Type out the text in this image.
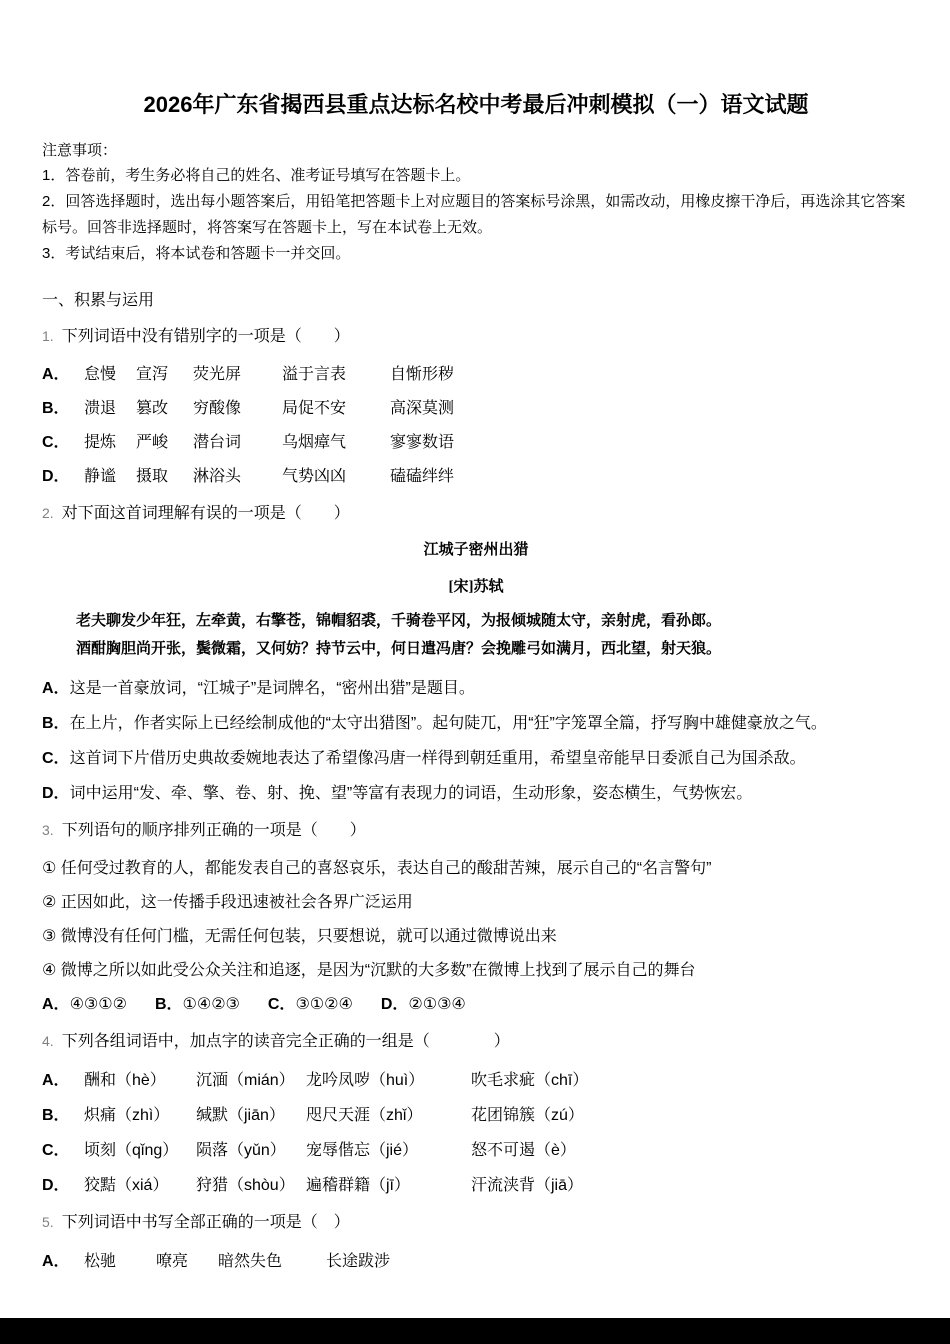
2026年广东省揭西县重点达标名校中考最后冲刺模拟（一）语文试题
注意事项：

1．答卷前，考生务必将自己的姓名、准考证号填写在答题卡上。

2．回答选择题时，选出每小题答案后，用铅笔把答题卡上对应题目的答案标号涂黑，如需改动，用橡皮擦干净后，再选涂其它答案标号。回答非选择题时，将答案写在答题卡上，写在本试卷上无效。

3．考试结束后，将本试卷和答题卡一并交回。

一、积累与运用

1. 下列词语中没有错别字的一项是（　　）

A． 怠慢	宣泻	荧光屏	溢于言表	自惭形秽
B． 溃退	篡改	穷酸像	局促不安	高深莫测
C． 提炼	严峻	潜台词	乌烟瘴气	寥寥数语
D． 静谧	摄取	淋浴头	气势凶凶	磕磕绊绊

2. 对下面这首词理解有误的一项是（　　）

江城子密州出猎
[宋]苏轼

老夫聊发少年狂，左牵黄，右擎苍，锦帽貂裘，千骑卷平冈，为报倾城随太守，亲射虎，看孙郎。

酒酣胸胆尚开张，鬓微霜，又何妨？持节云中，何日遣冯唐？会挽雕弓如满月，西北望，射天狼。

A．这是一首豪放词，“江城子”是词牌名，“密州出猎”是题目。

B．在上片，作者实际上已经绘制成他的“太守出猎图”。起句陡兀，用“狂”字笼罩全篇，抒写胸中雄健豪放之气。

C．这首词下片借历史典故委婉地表达了希望像冯唐一样得到朝廷重用，希望皇帝能早日委派自己为国杀敌。

D．词中运用“发、牵、擎、卷、射、挽、望”等富有表现力的词语，生动形象，姿态横生，气势恢宏。

3. 下列语句的顺序排列正确的一项是（　　）

① 任何受过教育的人，都能发表自己的喜怒哀乐，表达自己的酸甜苦辣，展示自己的“名言警句”

② 正因如此，这一传播手段迅速被社会各界广泛运用

③ 微博没有任何门槛，无需任何包装，只要想说，就可以通过微博说出来

④ 微博之所以如此受公众关注和追逐，是因为“沉默的大多数”在微博上找到了展示自己的舞台

A．④③①② B．①④②③ C．③①②④ D．②①③④

4. 下列各组词语中，加点字的读音完全正确的一组是（　　　　）

A． 酬和（hè）	沉湎（mián） 龙吟凤哕（huì）	吹毛求疵（chī）
B． 炽痛（zhì）	缄默（jiān）	咫尺天涯（zhǐ）	花团锦簇（zú）
C． 顷刻（qǐng）	陨落（yǔn）	宠辱偕忘（jié）	怒不可遏（è）
D． 狡黠（xiá）	狩猎（shòu） 遍稽群籍（jī）	汗流浃背（jiā）

5. 下列词语中书写全部正确的一项是（　）

A． 松驰	嘹亮	暗然失色	长途跋涉
